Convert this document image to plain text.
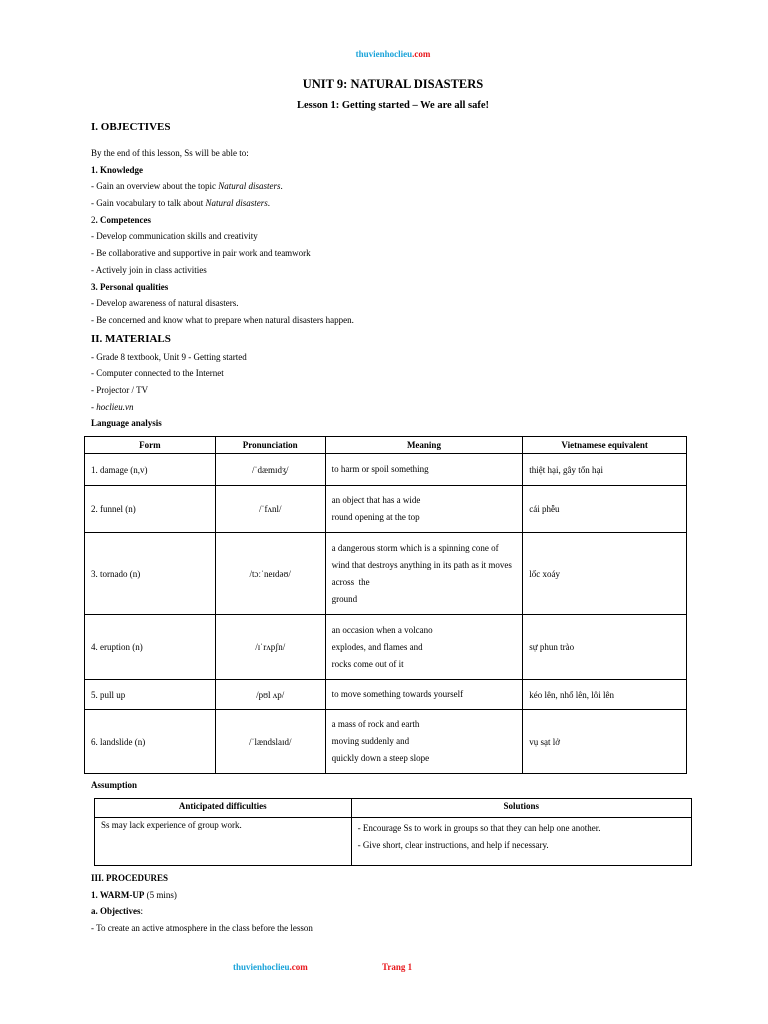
thuvienhoclieu.com
UNIT 9: NATURAL DISASTERS
Lesson 1: Getting started – We are all safe!
I. OBJECTIVES
By the end of this lesson, Ss will be able to:
1. Knowledge
- Gain an overview about the topic Natural disasters.
- Gain vocabulary to talk about Natural disasters.
2. Competences
- Develop communication skills and creativity
- Be collaborative and supportive in pair work and teamwork
- Actively join in class activities
3. Personal qualities
- Develop awareness of natural disasters.
- Be concerned and know what to prepare when natural disasters happen.
II. MATERIALS
- Grade 8 textbook, Unit 9 - Getting started
- Computer connected to the Internet
- Projector / TV
- hoclieu.vn
Language analysis
Form	Pronunciation	Meaning	Vietnamese equivalent
1. damage (n,v)	/ˈdæmɪdʒ/	to harm or spoil something	thiệt hại, gây tổn hại
2. funnel (n)	/ˈfʌnl/	an object that has a wide
round opening at the top	cái phễu
3. tornado (n)	/tɔːˈneɪdəʊ/	a dangerous storm which is a spinning cone of
wind that destroys anything in its path as it moves
across  the
ground	lốc xoáy
4. eruption (n)	/ɪˈrʌpʃn/	an occasion when a volcano
explodes, and flames and
rocks come out of it	sự phun trào
5. pull up	/pʊl ʌp/	to move something towards yourself	kéo lên, nhổ lên, lôi lên
6. landslide (n)	/ˈlændslaɪd/	a mass of rock and earth
moving suddenly and
quickly down a steep slope	vụ sạt lở
Assumption
Anticipated difficulties	Solutions
Ss may lack experience of group work.	- Encourage Ss to work in groups so that they can help one another.
- Give short, clear instructions, and help if necessary.
III. PROCEDURES
1. WARM-UP (5 mins)
a. Objectives:
- To create an active atmosphere in the class before the lesson
thuvienhoclieu.com	Trang 1
